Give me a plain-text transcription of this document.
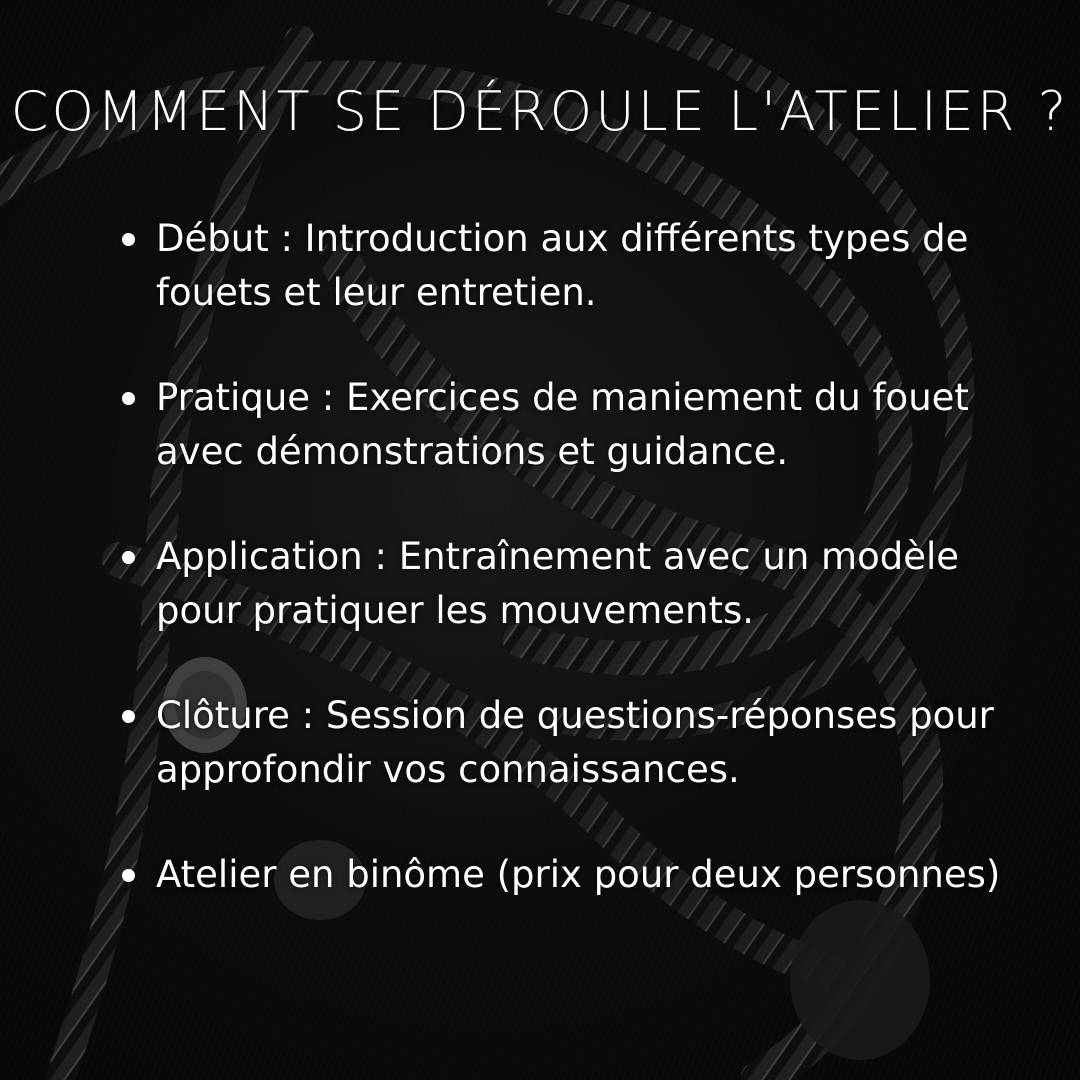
COMMENT SE DÉROULE L'ATELIER ?
Début : Introduction aux différents types de fouets et leur entretien.
Pratique : Exercices de maniement du fouet avec démonstrations et guidance.
Application : Entraînement avec un modèle pour pratiquer les mouvements.
Clôture : Session de questions-réponses pour approfondir vos connaissances.
Atelier en binôme (prix pour deux personnes)
